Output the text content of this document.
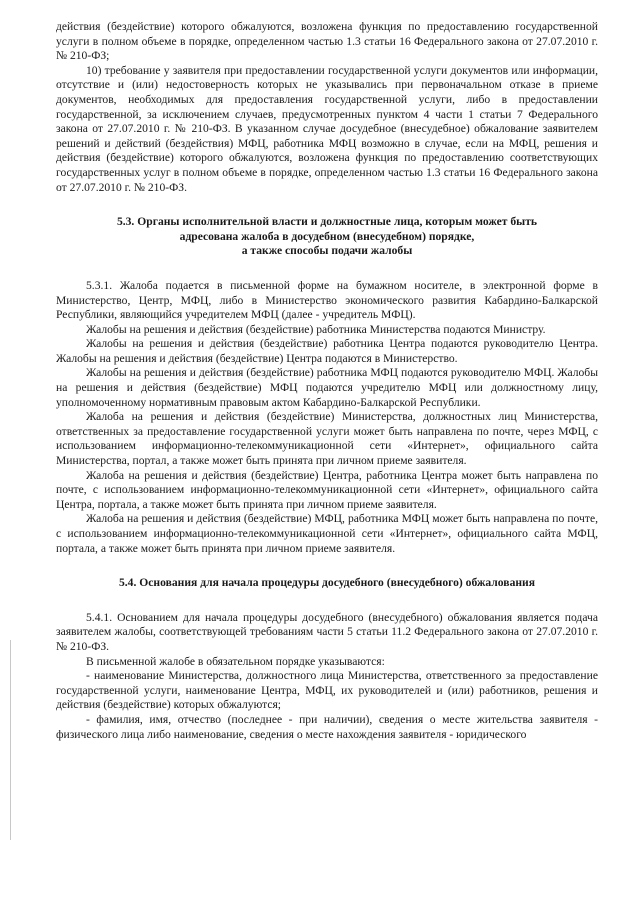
действия (бездействие) которого обжалуются, возложена функция по предоставлению государственной услуги в полном объеме в порядке, определенном частью 1.3 статьи 16 Федерального закона от 27.07.2010 г. № 210-ФЗ;

10) требование у заявителя при предоставлении государственной услуги документов или информации, отсутствие и (или) недостоверность которых не указывались при первоначальном отказе в приеме документов, необходимых для предоставления государственной услуги, либо в предоставлении государственной, за исключением случаев, предусмотренных пунктом 4 части 1 статьи 7 Федерального закона от 27.07.2010 г. № 210-ФЗ. В указанном случае досудебное (внесудебное) обжалование заявителем решений и действий (бездействия) МФЦ, работника МФЦ возможно в случае, если на МФЦ, решения и действия (бездействие) которого обжалуются, возложена функция по предоставлению соответствующих государственных услуг в полном объеме в порядке, определенном частью 1.3 статьи 16 Федерального закона от 27.07.2010 г. № 210-ФЗ.

5.3. Органы исполнительной власти и должностные лица, которым может быть
адресована жалоба в досудебном (внесудебном) порядке,
а также способы подачи жалобы

5.3.1. Жалоба подается в письменной форме на бумажном носителе, в электронной форме в Министерство, Центр, МФЦ, либо в Министерство экономического развития Кабардино-Балкарской Республики, являющийся учредителем МФЦ (далее - учредитель МФЦ).

Жалобы на решения и действия (бездействие) работника Министерства подаются Министру.

Жалобы на решения и действия (бездействие) работника Центра подаются руководителю Центра. Жалобы на решения и действия (бездействие) Центра подаются в Министерство.

Жалобы на решения и действия (бездействие) работника МФЦ подаются руководителю МФЦ. Жалобы на решения и действия (бездействие) МФЦ подаются учредителю МФЦ или должностному лицу, уполномоченному нормативным правовым актом Кабардино-Балкарской Республики.

Жалоба на решения и действия (бездействие) Министерства, должностных лиц Министерства, ответственных за предоставление государственной услуги может быть направлена по почте, через МФЦ, с использованием информационно-телекоммуникационной сети «Интернет», официального сайта Министерства, портал, а также может быть принята при личном приеме заявителя.

Жалоба на решения и действия (бездействие) Центра, работника Центра может быть направлена по почте, с использованием информационно-телекоммуникационной сети «Интернет», официального сайта Центра, портала, а также может быть принята при личном приеме заявителя.

Жалоба на решения и действия (бездействие) МФЦ, работника МФЦ может быть направлена по почте, с использованием информационно-телекоммуникационной сети «Интернет», официального сайта МФЦ, портала, а также может быть принята при личном приеме заявителя.

5.4. Основания для начала процедуры досудебного (внесудебного) обжалования

5.4.1. Основанием для начала процедуры досудебного (внесудебного) обжалования является подача заявителем жалобы, соответствующей требованиям части 5 статьи 11.2 Федерального закона от 27.07.2010 г. № 210-ФЗ.

В письменной жалобе в обязательном порядке указываются:

- наименование Министерства, должностного лица Министерства, ответственного за предоставление государственной услуги, наименование Центра, МФЦ, их руководителей и (или) работников, решения и действия (бездействие) которых обжалуются;

- фамилия, имя, отчество (последнее - при наличии), сведения о месте жительства заявителя - физического лица либо наименование, сведения о месте нахождения заявителя - юридического
